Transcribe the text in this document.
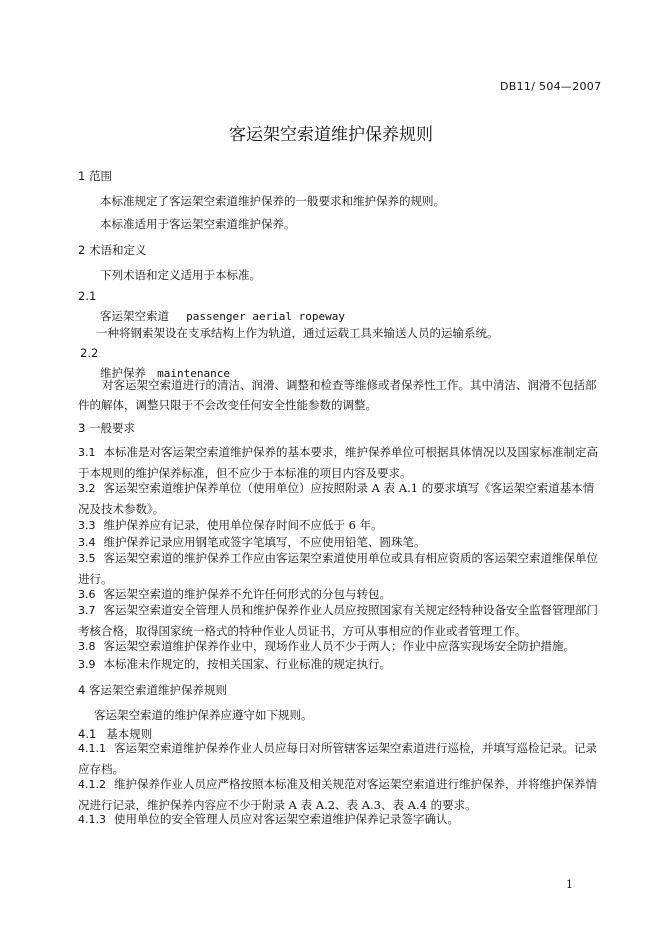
DB11/ 504—2007
客运架空索道维护保养规则
1 范围
本标准规定了客运架空索道维护保养的一般要求和维护保养的规则。
本标准适用于客运架空索道维护保养。
2 术语和定义
下列术语和定义适用于本标准。
2.1
客运架空索道 passenger aerial ropeway
一种将钢索架设在支承结构上作为轨道，通过运载工具来输送人员的运输系统。
2.2
维护保养 maintenance
对客运架空索道进行的清洁、润滑、调整和检查等维修或者保养性工作。其中清洁、润滑不包括部件的解体，调整只限于不会改变任何安全性能参数的调整。
3 一般要求
3.1 本标准是对客运架空索道维护保养的基本要求，维护保养单位可根据具体情况以及国家标准制定高于本规则的维护保养标准，但不应少于本标准的项目内容及要求。
3.2 客运架空索道维护保养单位（使用单位）应按照附录 A 表 A.1 的要求填写《客运架空索道基本情况及技术参数》。
3.3 维护保养应有记录，使用单位保存时间不应低于 6 年。
3.4 维护保养记录应用钢笔或签字笔填写，不应使用铅笔、圆珠笔。
3.5 客运架空索道的维护保养工作应由客运架空索道使用单位或具有相应资质的客运架空索道维保单位进行。
3.6 客运架空索道的维护保养不允许任何形式的分包与转包。
3.7 客运架空索道安全管理人员和维护保养作业人员应按照国家有关规定经特种设备安全监督管理部门考核合格，取得国家统一格式的特种作业人员证书，方可从事相应的作业或者管理工作。
3.8 客运架空索道维护保养作业中，现场作业人员不少于两人；作业中应落实现场安全防护措施。
3.9 本标准未作规定的，按相关国家、行业标准的规定执行。
4 客运架空索道维护保养规则
客运架空索道的维护保养应遵守如下规则。
4.1 基本规则
4.1.1 客运架空索道维护保养作业人员应每日对所管辖客运架空索道进行巡检，并填写巡检记录。记录应存档。
4.1.2 维护保养作业人员应严格按照本标准及相关规范对客运架空索道进行维护保养，并将维护保养情况进行记录，维护保养内容应不少于附录 A 表 A.2、表 A.3、表 A.4 的要求。
4.1.3 使用单位的安全管理人员应对客运架空索道维护保养记录签字确认。
1
